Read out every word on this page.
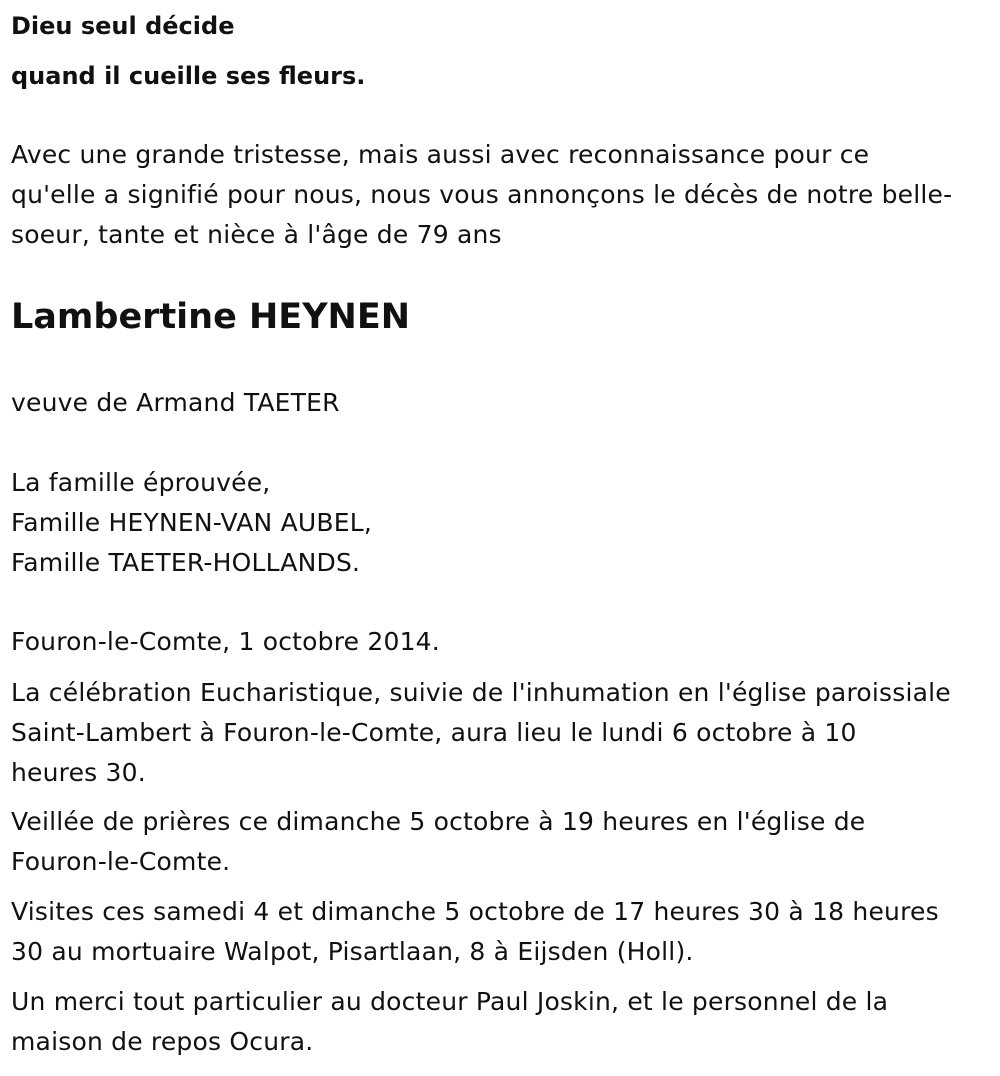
Dieu seul décide

quand il cueille ses fleurs.

Avec une grande tristesse, mais aussi avec reconnaissance pour ce
qu'elle a signifié pour nous, nous vous annonçons le décès de notre belle-
soeur, tante et nièce à l'âge de 79 ans

Lambertine HEYNEN

veuve de Armand TAETER

La famille éprouvée,
Famille HEYNEN-VAN AUBEL,
Famille TAETER-HOLLANDS.

Fouron-le-Comte, 1 octobre 2014.

La célébration Eucharistique, suivie de l'inhumation en l'église paroissiale
Saint-Lambert à Fouron-le-Comte, aura lieu le lundi 6 octobre à 10
heures 30.

Veillée de prières ce dimanche 5 octobre à 19 heures en l'église de
Fouron-le-Comte.

Visites ces samedi 4 et dimanche 5 octobre de 17 heures 30 à 18 heures
30 au mortuaire Walpot, Pisartlaan, 8 à Eijsden (Holl).

Un merci tout particulier au docteur Paul Joskin, et le personnel de la
maison de repos Ocura.
